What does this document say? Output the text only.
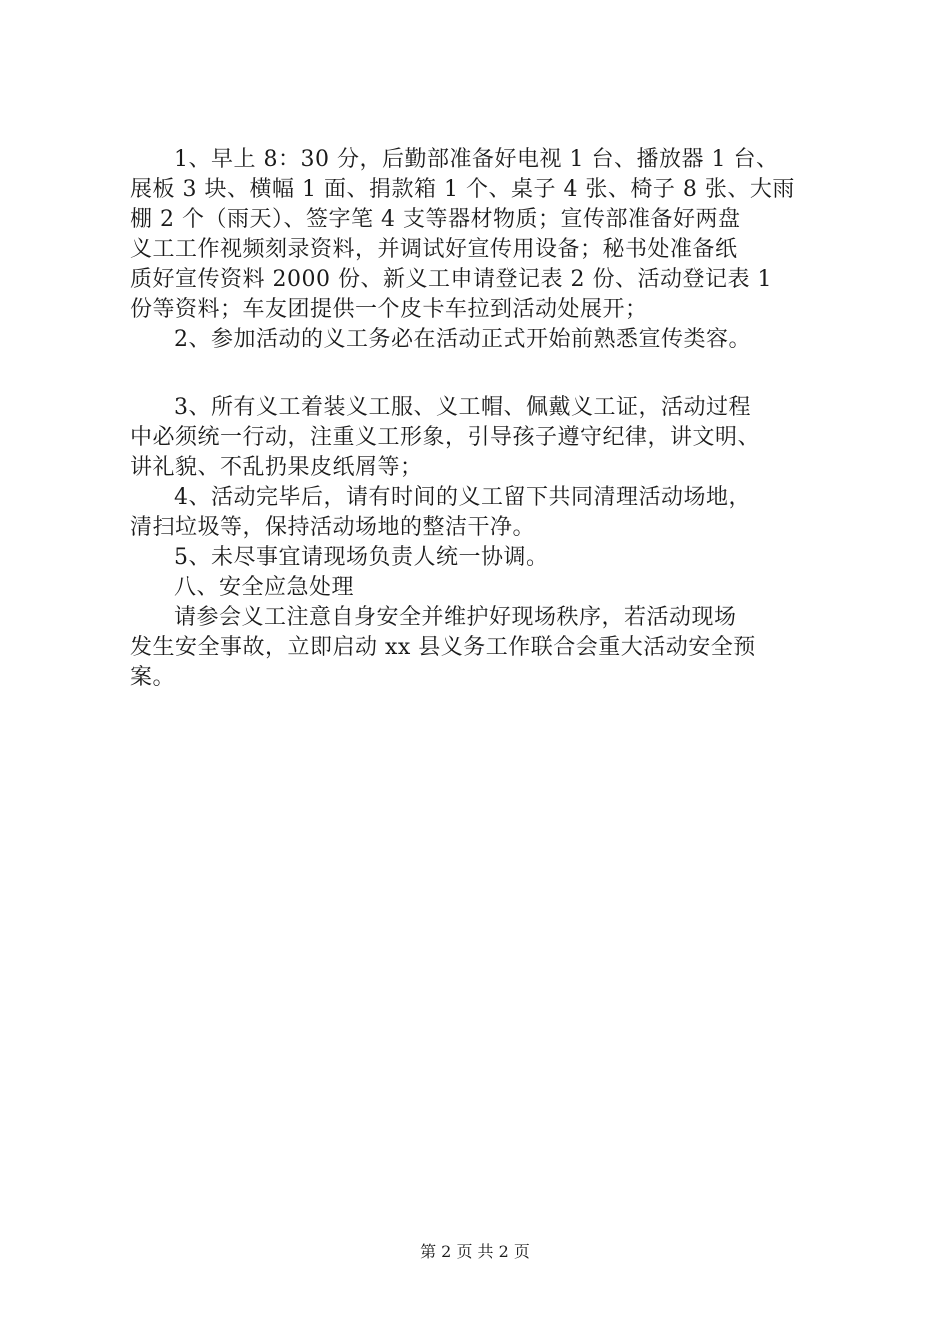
1、早上 8：30 分，后勤部准备好电视 1 台、播放器 1 台、
展板 3 块、横幅 1 面、捐款箱 1 个、桌子 4 张、椅子 8 张、大雨
棚 2 个（雨天）、签字笔 4 支等器材物质；宣传部准备好两盘
义工工作视频刻录资料，并调试好宣传用设备；秘书处准备纸
质好宣传资料 2000 份、新义工申请登记表 2 份、活动登记表 1
份等资料；车友团提供一个皮卡车拉到活动处展开；
2、参加活动的义工务必在活动正式开始前熟悉宣传类容。
3、所有义工着装义工服、义工帽、佩戴义工证，活动过程
中必须统一行动，注重义工形象，引导孩子遵守纪律，讲文明、
讲礼貌、不乱扔果皮纸屑等；
4、活动完毕后，请有时间的义工留下共同清理活动场地，
清扫垃圾等，保持活动场地的整洁干净。
5、未尽事宜请现场负责人统一协调。
八、安全应急处理
请参会义工注意自身安全并维护好现场秩序，若活动现场
发生安全事故，立即启动 xx 县义务工作联合会重大活动安全预
案。
第 2 页 共 2 页
